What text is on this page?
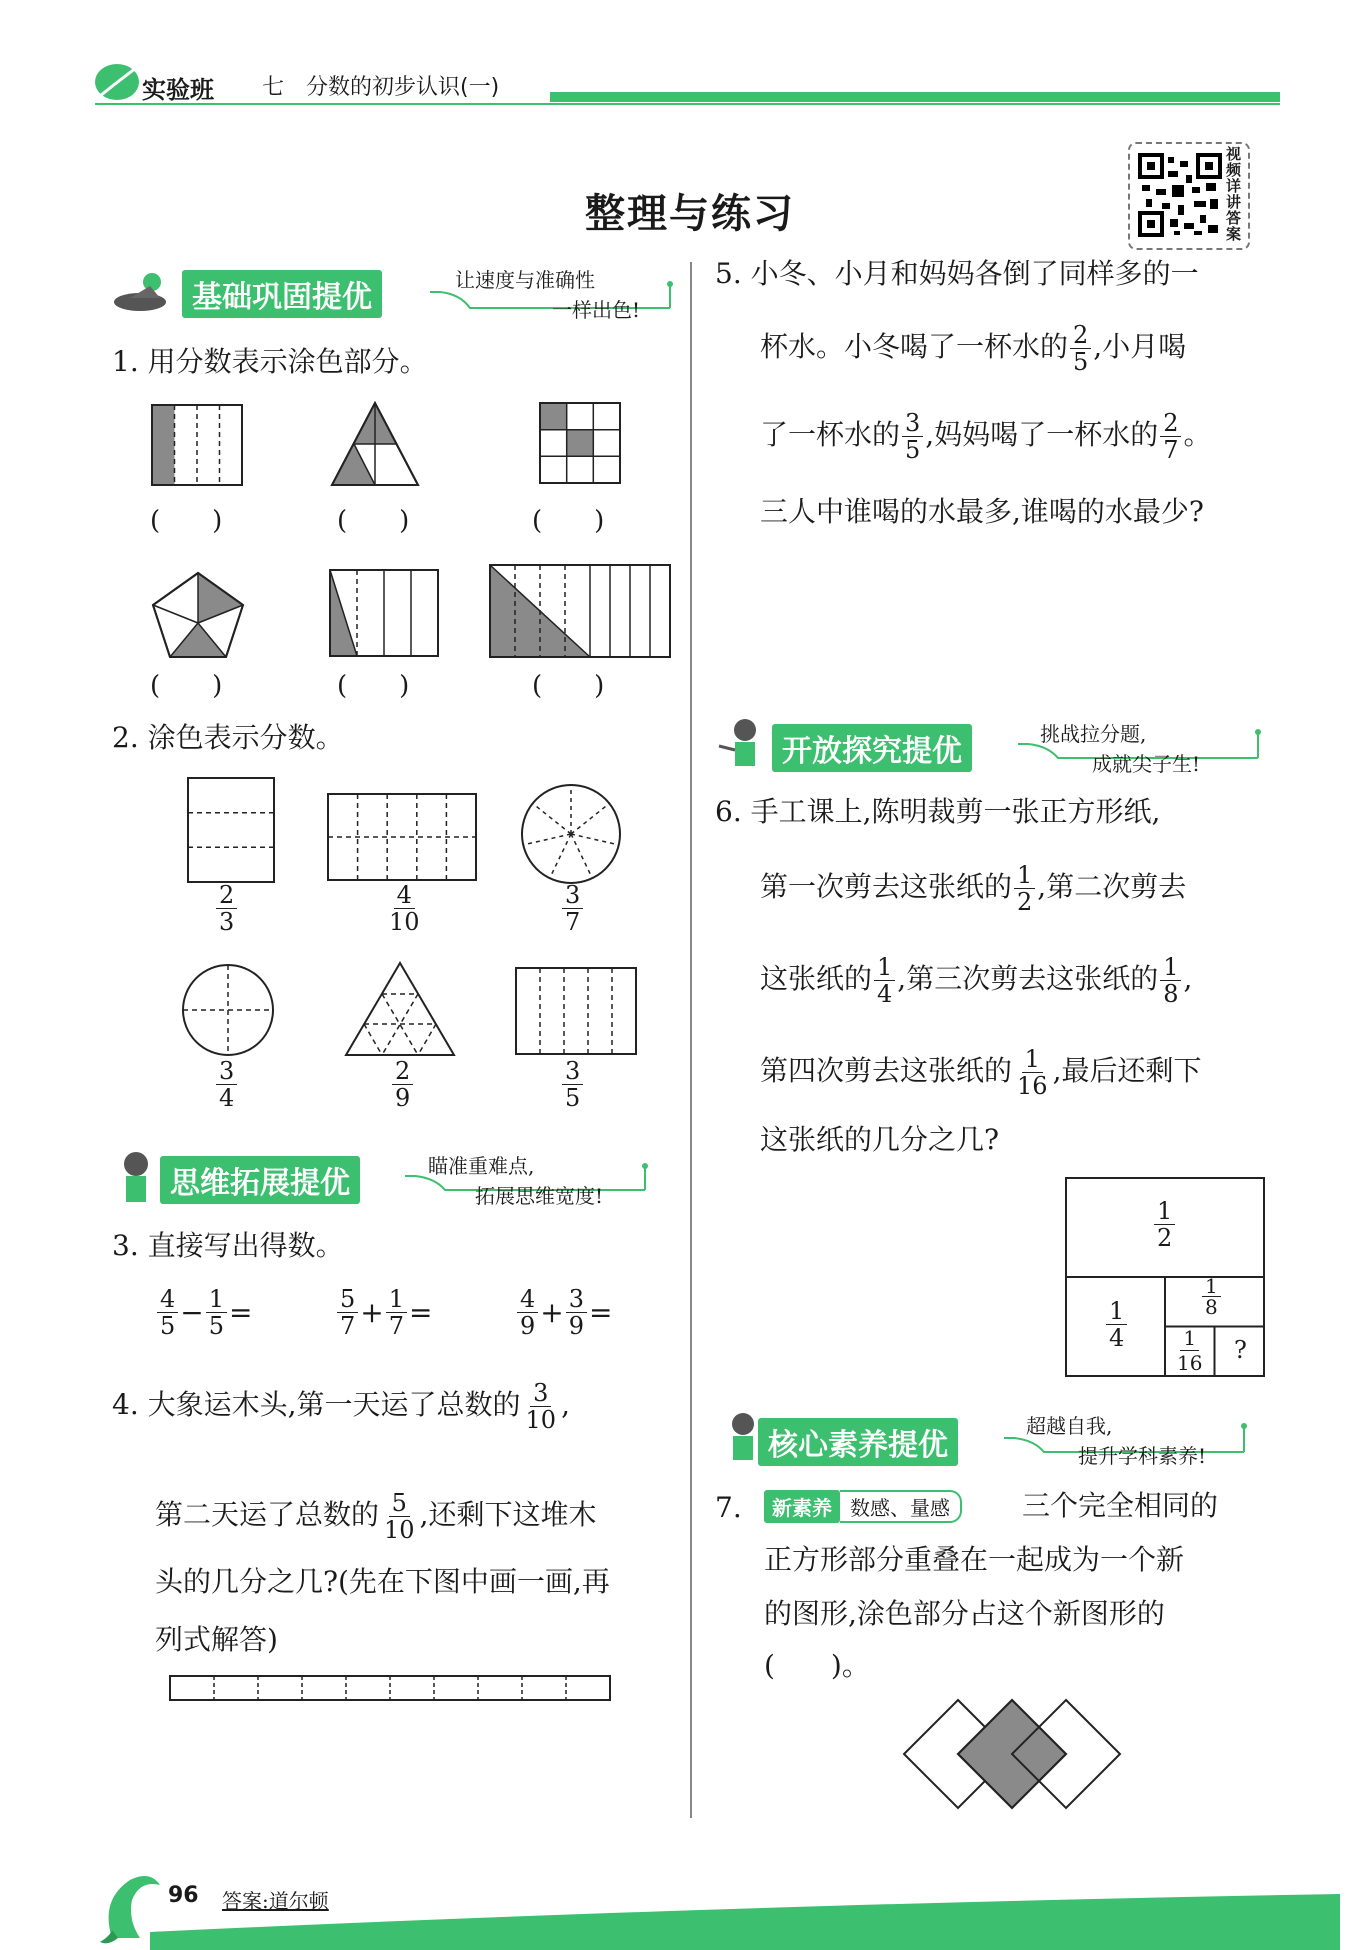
实验班 七　分数的初步认识(一)
视频详讲答案
整理与练习
基础巩固提优	让速度与准确性
一样出色!
1. 用分数表示涂色部分。
(　　)	(　　)	(　　)
(　　)	(　　)	(　　)
2. 涂色表示分数。
$\frac{2}{3}$	$\frac{4}{10}$	$\frac{3}{7}$
$\frac{3}{4}$	$\frac{2}{9}$	$\frac{3}{5}$
思维拓展提优	瞄准重难点,
拓展思维宽度!
3. 直接写出得数。
$\frac{4}{5} - \frac{1}{5}$ =	$\frac{5}{7} + \frac{1}{7}$ =	$\frac{4}{9} + \frac{3}{9}$ =
4. 大象运木头,第一天运了总数的 $\frac{3}{10}$ ,
第二天运了总数的 $\frac{5}{10}$ ,还剩下这堆木
头的几分之几?(先在下图中画一画,再
列式解答)
5. 小冬、小月和妈妈各倒了同样多的一
杯水。小冬喝了一杯水的 $\frac{2}{5}$ ,小月喝
了一杯水的 $\frac{3}{5}$ ,妈妈喝了一杯水的 $\frac{2}{7}$ 。
三人中谁喝的水最多,谁喝的水最少?
开放探究提优	挑战拉分题,
成就尖子生!
6. 手工课上,陈明裁剪一张正方形纸,
第一次剪去这张纸的 $\frac{1}{2}$ ,第二次剪去
这张纸的 $\frac{1}{4}$ ,第三次剪去这张纸的 $\frac{1}{8}$ ,
第四次剪去这张纸的 $\frac{1}{16}$ ,最后还剩下
这张纸的几分之几?
$\frac{1}{2}$
$\frac{1}{4}$
$\frac{1}{8}$
$\frac{1}{16}$ ?
核心素养提优
超越自我,
提升学科素养!
7.	新素养 数感、量感	三个完全相同的
正方形部分重叠在一起成为一个新
的图形,涂色部分占这个新图形的
(　　)。
96 答案:道尔顿
